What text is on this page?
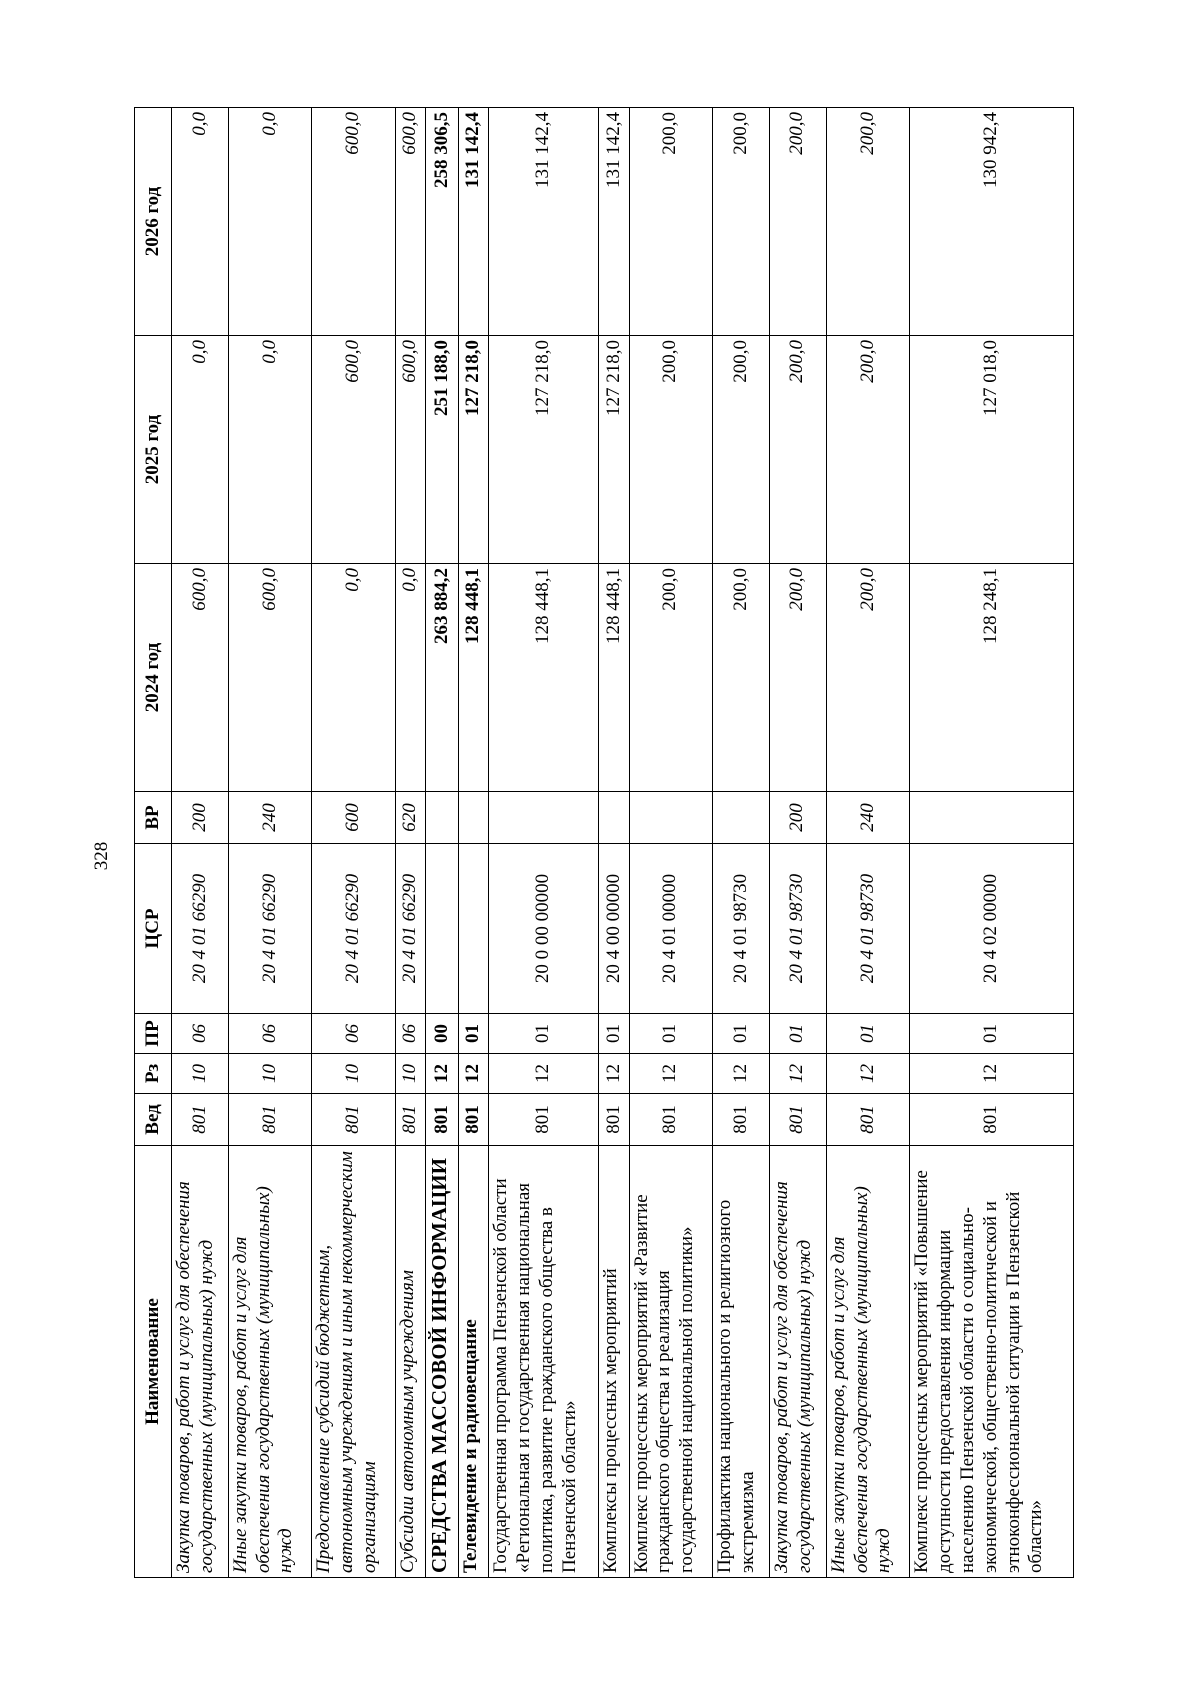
328
Наименование	Вед	Рз	ПР	ЦСР	ВР	2024 год	2025 год	2026 год
Закупка товаров, работ и услуг для обеспечения государственных (муниципальных) нужд	801	10	06	20 4 01 66290	200	600,0	0,0	0,0
Иные закупки товаров, работ и услуг для обеспечения государственных (муниципальных) нужд	801	10	06	20 4 01 66290	240	600,0	0,0	0,0
Предоставление субсидий бюджетным, автономным учреждениям и иным некоммерческим организациям	801	10	06	20 4 01 66290	600	0,0	600,0	600,0
Субсидии автономным учреждениям	801	10	06	20 4 01 66290	620	0,0	600,0	600,0
СРЕДСТВА МАССОВОЙ ИНФОРМАЦИИ	801	12	00			263 884,2	251 188,0	258 306,5
Телевидение и радиовещание	801	12	01			128 448,1	127 218,0	131 142,4
Государственная программа Пензенской области «Региональная и государственная национальная политика, развитие гражданского общества в Пензенской области»	801	12	01	20 0 00 00000		128 448,1	127 218,0	131 142,4
Комплексы процессных мероприятий	801	12	01	20 4 00 00000		128 448,1	127 218,0	131 142,4
Комплекс процессных мероприятий «Развитие гражданского общества и реализация государственной национальной политики»	801	12	01	20 4 01 00000		200,0	200,0	200,0
Профилактика национального и религиозного экстремизма	801	12	01	20 4 01 98730		200,0	200,0	200,0
Закупка товаров, работ и услуг для обеспечения государственных (муниципальных) нужд	801	12	01	20 4 01 98730	200	200,0	200,0	200,0
Иные закупки товаров, работ и услуг для обеспечения государственных (муниципальных) нужд	801	12	01	20 4 01 98730	240	200,0	200,0	200,0
Комплекс процессных мероприятий «Повышение доступности предоставления информации населению Пензенской области о социально-экономической, общественно-политической и этноконфессиональной ситуации в Пензенской области»	801	12	01	20 4 02 00000		128 248,1	127 018,0	130 942,4
